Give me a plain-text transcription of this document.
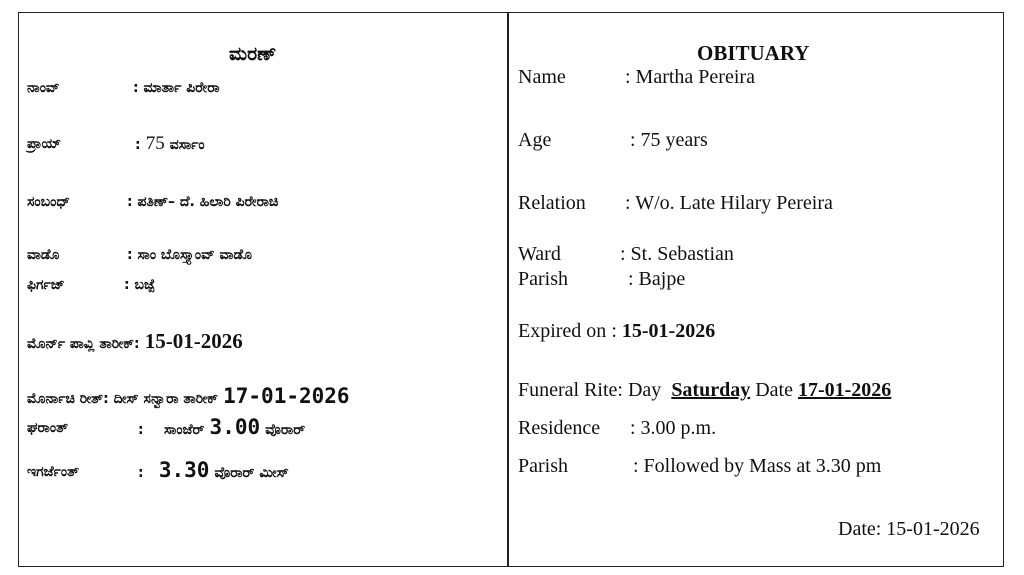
ಮರಣ್
ನಾಂವ್	: ಮಾರ್ತಾ ಪಿರೇರಾ
ಪ್ರಾಯ್	: 75 ವರ್ಸಾಂ
ಸಂಬಂಧ್	: ಪತಿಣ್– ದೆ. ಹಿಲಾರಿ ಪಿರೇರಾಚಿ
ವಾಡೊ	: ಸಾಂ ಬೊಸ್ತ್ಯಾಂವ್ ವಾಡೊ
ಫಿರ್ಗಜ್	: ಬಜ್ಪೆ
ಮೊರ್ನ್ ಪಾವ್ಲಿ ತಾರೀಕ್: 15-01-2026
ಮೊರ್ನಾಚಿ ರೀತ್: ದೀಸ್ ಸನ್ವಾರಾ ತಾರೀಕ್ 17-01-2026
ಘರಾಂತ್	: ಸಾಂಜೆರ್ 3.00 ವೊರಾರ್
ಇಗರ್ಜೆಂತ್	: 3.30 ವೊರಾರ್ ಮೀಸ್
OBITUARY
Name	: Martha Pereira
Age	: 75 years
Relation : W/o. Late Hilary Pereira
Ward	: St. Sebastian
Parish	: Bajpe
Expired on : 15-01-2026
Funeral Rite: Day Saturday Date 17-01-2026
Residence : 3.00 p.m.
Parish	: Followed by Mass at 3.30 pm
Date: 15-01-2026
